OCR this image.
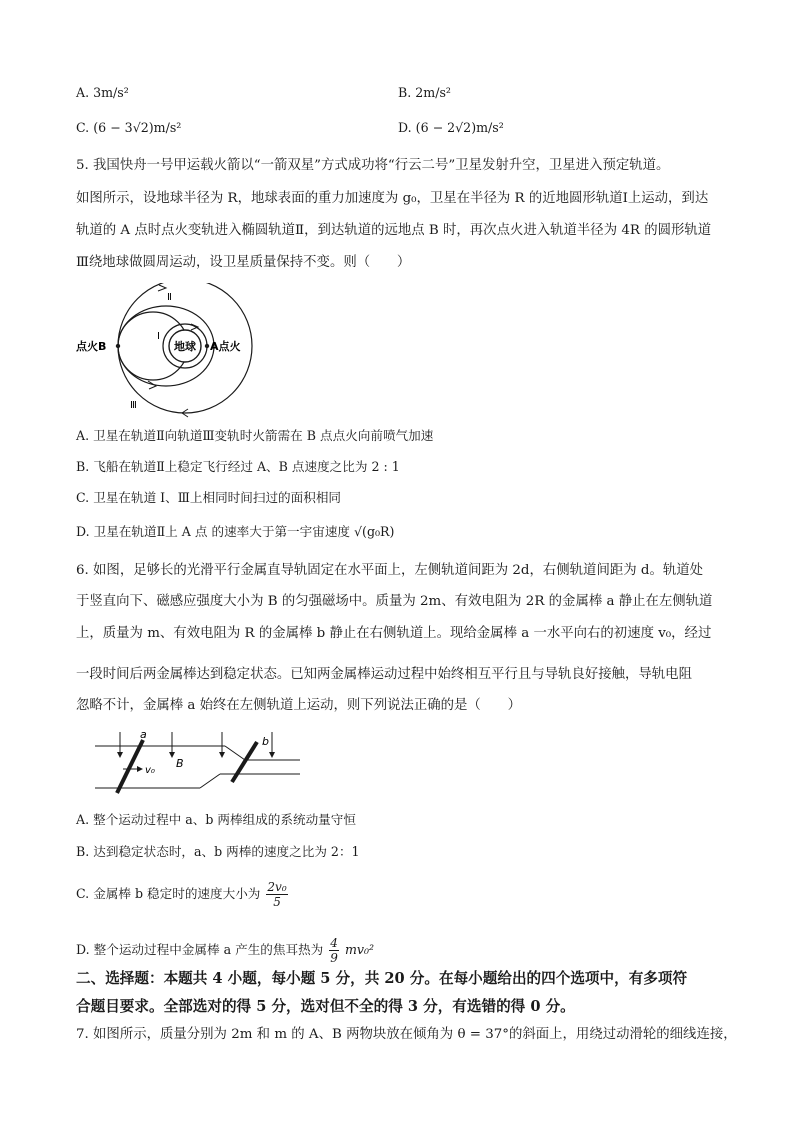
A. 3m/s²	B. 2m/s²
C. (6 − 3√2)m/s²	D. (6 − 2√2)m/s²
5. 我国快舟一号甲运载火箭以“一箭双星”方式成功将“行云二号”卫星发射升空，卫星进入预定轨道。
如图所示，设地球半径为 R，地球表面的重力加速度为 g₀，卫星在半径为 R 的近地圆形轨道Ⅰ上运动，到达
轨道的 A 点时点火变轨进入椭圆轨道Ⅱ，到达轨道的远地点 B 时，再次点火进入轨道半径为 4R 的圆形轨道
Ⅲ绕地球做圆周运动，设卫星质量保持不变。则（　　）
地球 A点火
点火B
I
Ⅱ
Ⅲ
A. 卫星在轨道Ⅱ向轨道Ⅲ变轨时火箭需在 B 点点火向前喷气加速
B. 飞船在轨道Ⅱ上稳定飞行经过 A、B 点速度之比为 2 : 1
C. 卫星在轨道 I、Ⅲ上相同时间扫过的面积相同
D. 卫星在轨道Ⅱ上 A 点 的速率大于第一宇宙速度 √(g₀R)
6. 如图，足够长的光滑平行金属直导轨固定在水平面上，左侧轨道间距为 2d，右侧轨道间距为 d。轨道处
于竖直向下、磁感应强度大小为 B 的匀强磁场中。质量为 2m、有效电阻为 2R 的金属棒 a 静止在左侧轨道
上，质量为 m、有效电阻为 R 的金属棒 b 静止在右侧轨道上。现给金属棒 a 一水平向右的初速度 v₀，经过
一段时间后两金属棒达到稳定状态。已知两金属棒运动过程中始终相互平行且与导轨良好接触，导轨电阻
忽略不计，金属棒 a 始终在左侧轨道上运动，则下列说法正确的是（　　）
a
b
B
v₀
A. 整个运动过程中 a、b 两棒组成的系统动量守恒
B. 达到稳定状态时，a、b 两棒的速度之比为 2：1
C. 金属棒 b 稳定时的速度大小为 $\frac{\text{2v₀}}{5}$
D. 整个运动过程中金属棒 a 产生的焦耳热为 $\frac{4}{9} mv_0^2$
二、选择题：本题共 4 小题，每小题 5 分，共 20 分。在每小题给出的四个选项中，有多项符
合题目要求。全部选对的得 5 分，选对但不全的得 3 分，有选错的得 0 分。
7. 如图所示，质量分别为 2m 和 m 的 A、B 两物块放在倾角为 θ = 37°的斜面上，用绕过动滑轮的细线连接，
